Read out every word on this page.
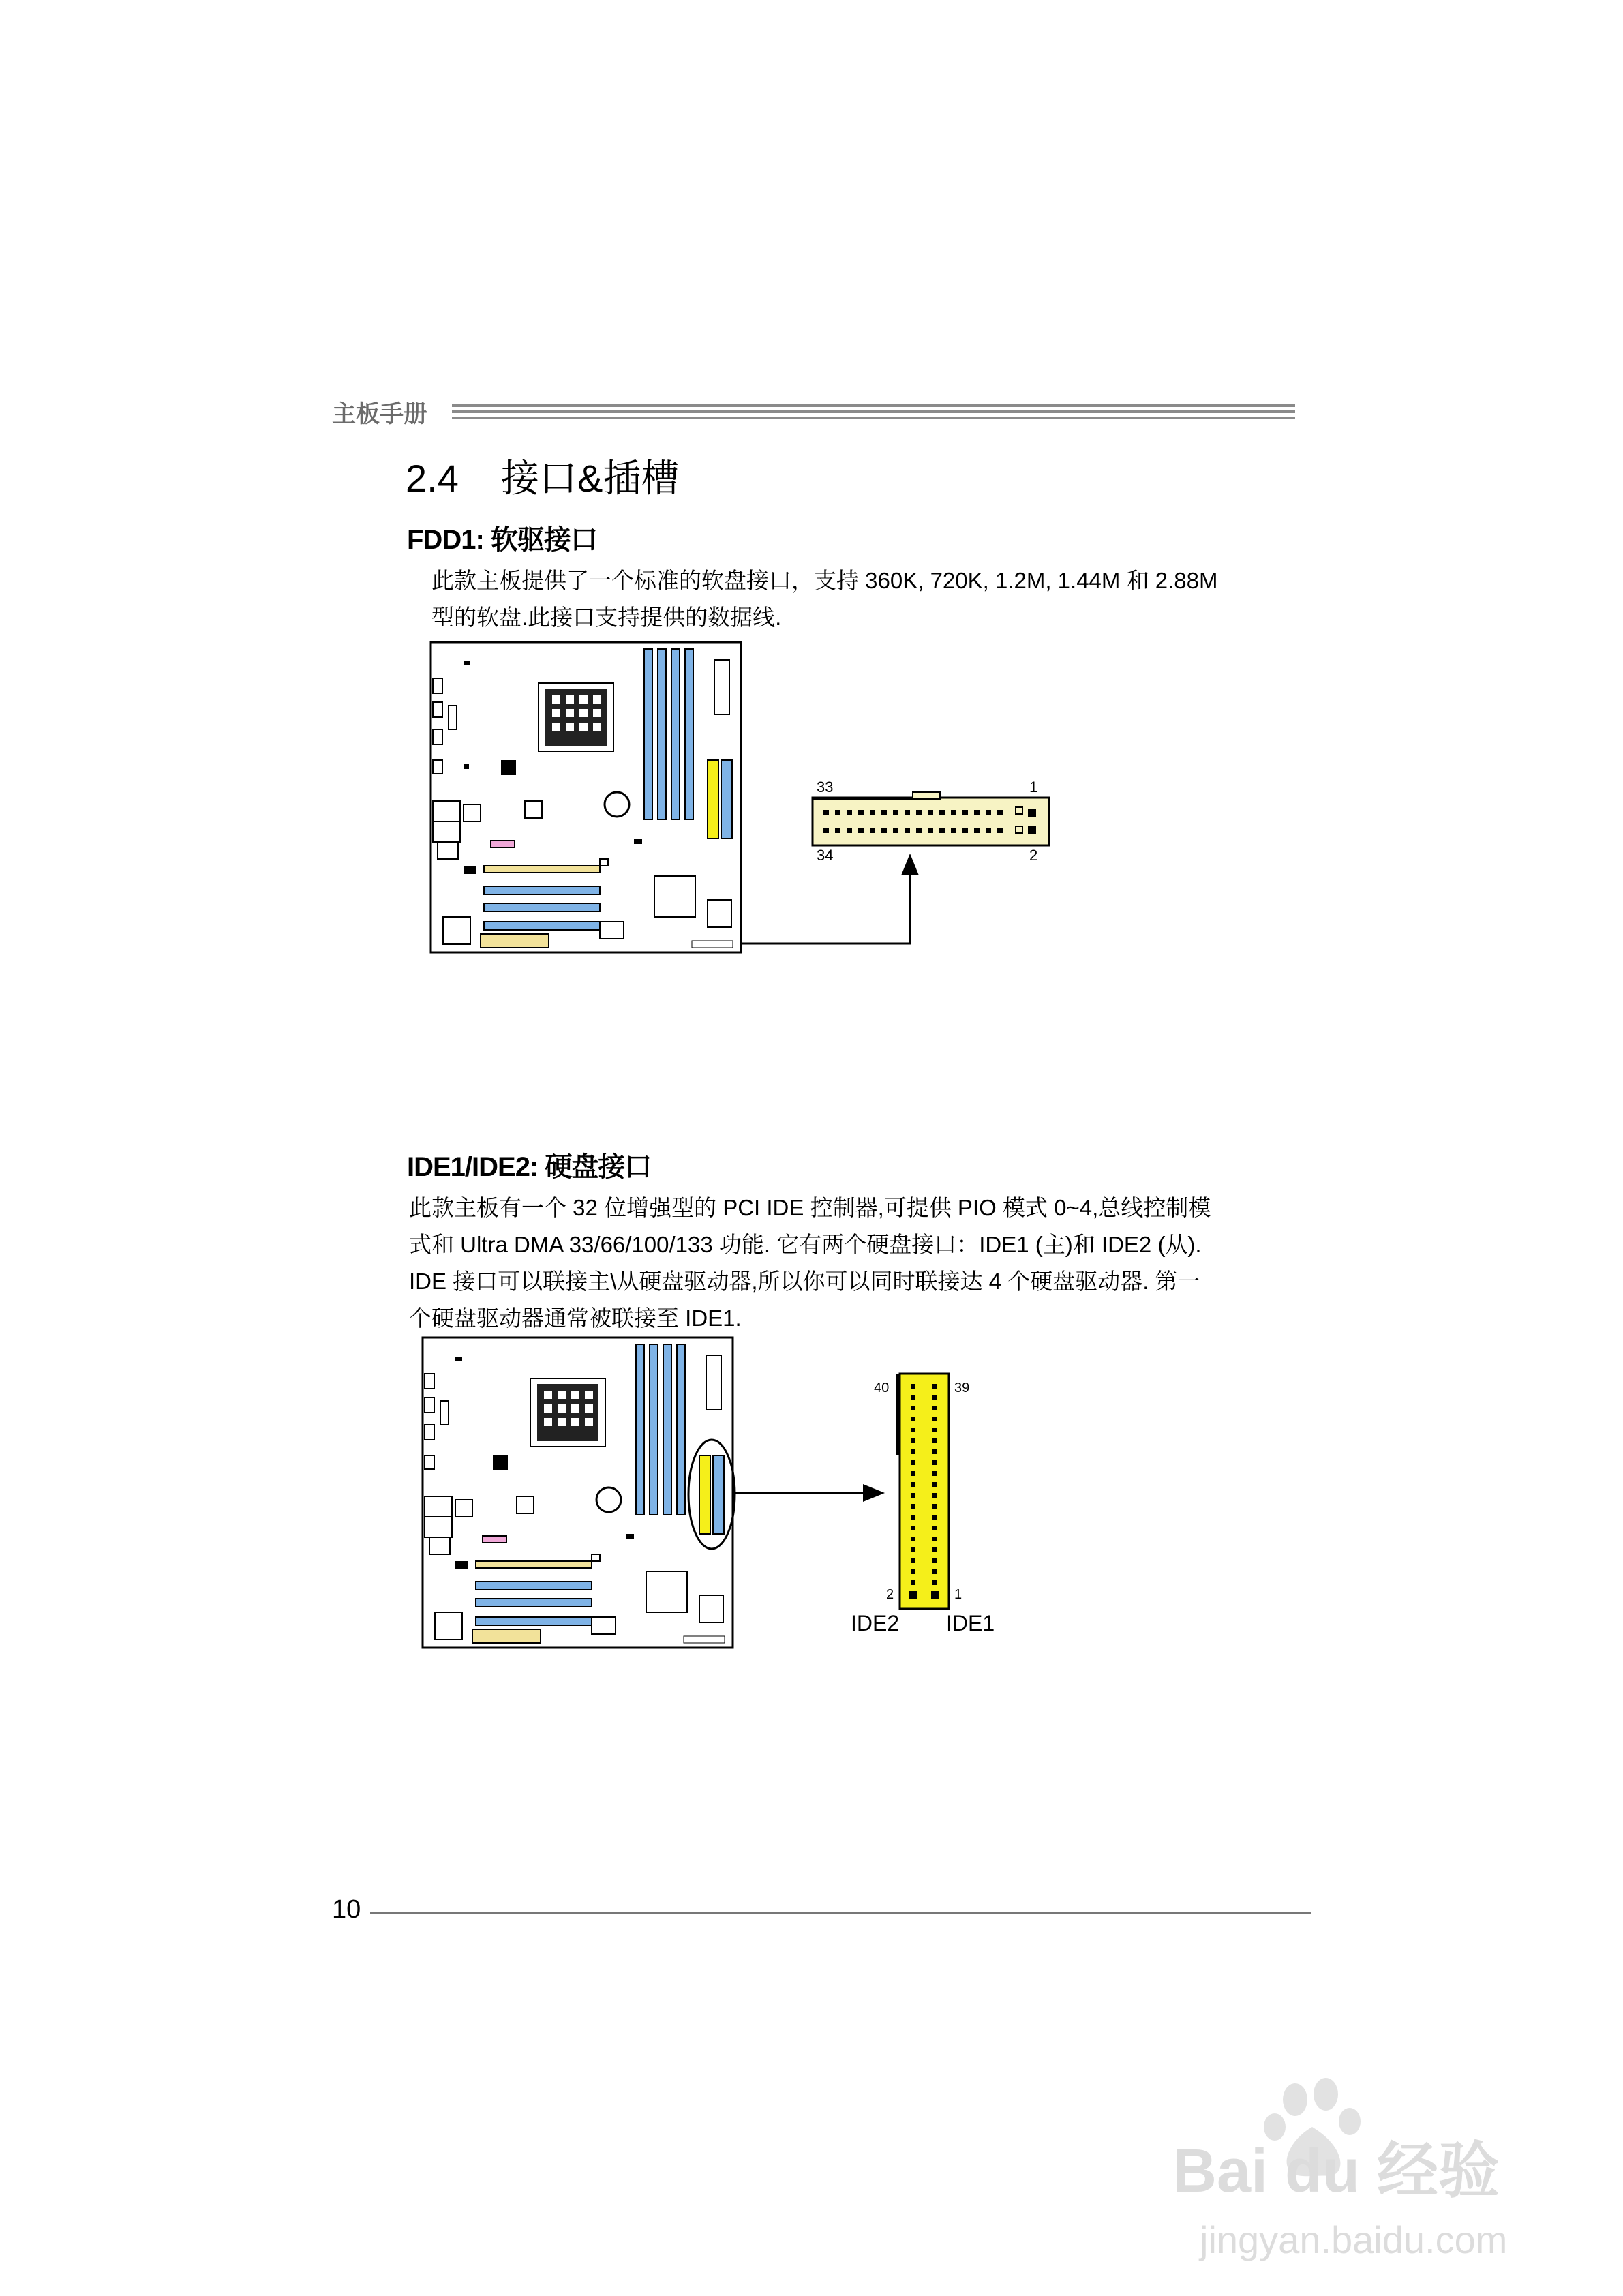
主板手册
2.4 接口&插槽
FDD1: 软驱接口

此款主板提供了一个标准的软盘接口，支持 360K, 720K, 1.2M, 1.44M 和 2.88M

型的软盘.此接口支持提供的数据线.

33	1
34	2
IDE1/IDE2: 硬盘接口

此款主板有一个 32 位增强型的 PCI IDE 控制器,可提供 PIO 模式 0~4,总线控制模

式和 Ultra DMA 33/66/100/133 功能. 它有两个硬盘接口：IDE1 (主)和 IDE2 (从).

IDE 接口可以联接主\从硬盘驱动器,所以你可以同时联接达 4 个硬盘驱动器. 第一

个硬盘驱动器通常被联接至 IDE1.

40	39
2	1
IDE2 IDE1
10
Bai du 经验
jingyan.baidu.com
